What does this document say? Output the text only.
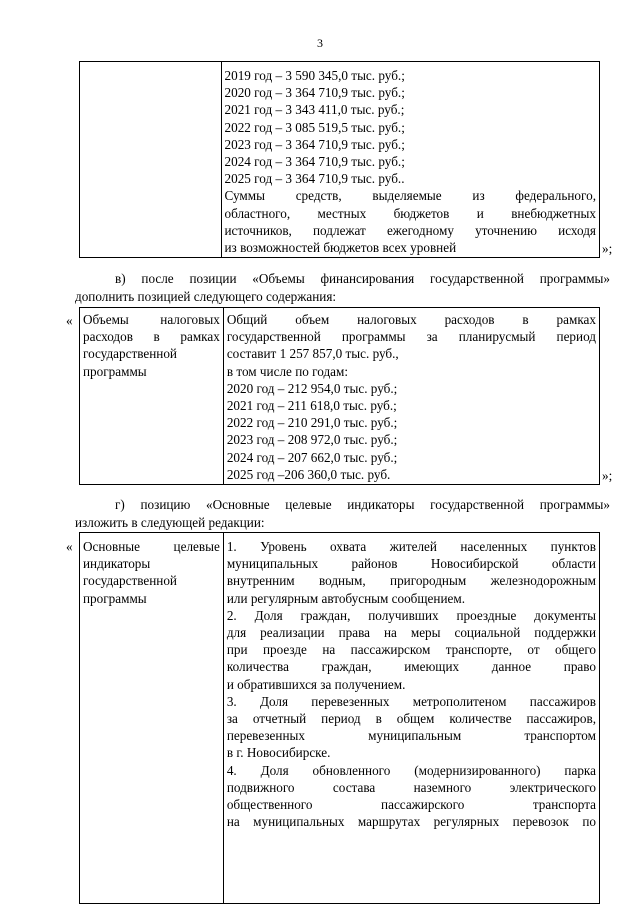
3

2019 год – 3 590 345,0 тыс. руб.;
2020 год – 3 364 710,9 тыс. руб.;
2021 год – 3 343 411,0 тыс. руб.;
2022 год – 3 085 519,5 тыс. руб.;
2023 год – 3 364 710,9 тыс. руб.;
2024 год – 3 364 710,9 тыс. руб.;
2025 год – 3 364 710,9 тыс. руб..
Суммы средств, выделяемые из федерального,
областного, местных бюджетов и внебюджетных
источников, подлежат ежегодному уточнению исходя
из возможностей бюджетов всех уровней	»;
в) после позиции «Объемы финансирования государственной программы»
дополнить позицией следующего содержания:
« Объемы налоговых
расходов в рамках
государственной
программы

Общий объем налоговых расходов в рамках
государственной программы за планирусмый период
составит 1 257 857,0 тыс. руб.,
в том числе по годам:
2020 год – 212 954,0 тыс. руб.;
2021 год – 211 618,0 тыс. руб.;
2022 год – 210 291,0 тыс. руб.;
2023 год – 208 972,0 тыс. руб.;
2024 год – 207 662,0 тыс. руб.;
2025 год –206 360,0 тыс. руб.	»;
г) позицию «Основные целевые индикаторы государственной программы»
изложить в следующей редакции:
« Основные целевые
индикаторы
государственной
программы

1. Уровень охвата жителей населенных пунктов
муниципальных районов Новосибирской области
внутренним водным, пригородным железнодорожным
или регулярным автобусным сообщением.
2. Доля граждан, получивших проездные документы
для реализации права на меры социальной поддержки
при проезде на пассажирском транспорте, от общего
количества граждан, имеющих данное право
и обратившихся за получением.
3. Доля перевезенных метрополитеном пассажиров
за отчетный период в общем количестве пассажиров,
перевезенных муниципальным транспортом
в г. Новосибирске.
4. Доля обновленного (модернизированного) парка
подвижного состава наземного электрического
общественного пассажирского транспорта
на муниципальных маршрутах регулярных перевозок по
